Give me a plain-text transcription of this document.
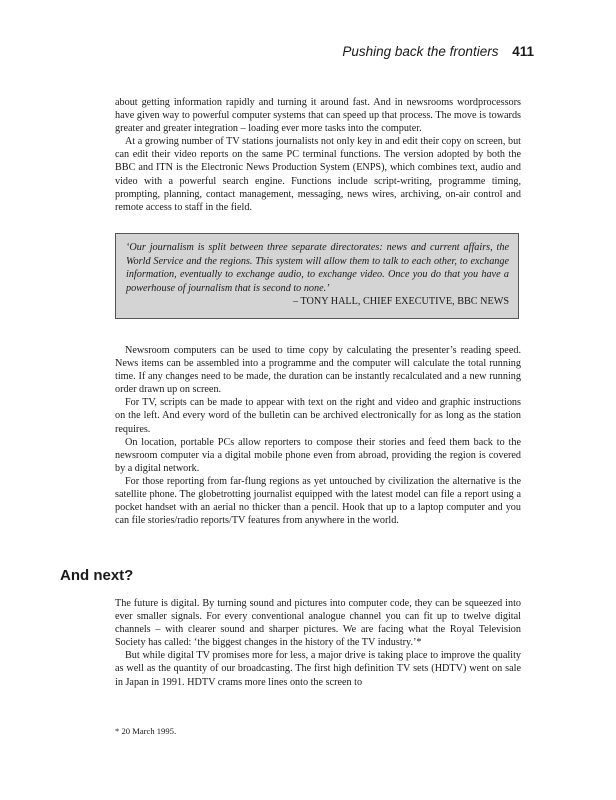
Pushing back the frontiers 411

about getting information rapidly and turning it around fast. And in newsrooms wordprocessors have given way to powerful computer systems that can speed up that process. The move is towards greater and greater integration – loading ever more tasks into the computer.

At a growing number of TV stations journalists not only key in and edit their copy on screen, but can edit their video reports on the same PC terminal functions. The version adopted by both the BBC and ITN is the Electronic News Production System (ENPS), which combines text, audio and video with a powerful search engine. Functions include script-writing, programme timing, prompting, planning, contact management, messaging, news wires, archiving, on-air control and remote access to staff in the field.

‘Our journalism is split between three separate directorates: news and current affairs, the World Service and the regions. This system will allow them to talk to each other, to exchange information, eventually to exchange audio, to exchange video. Once you do that you have a powerhouse of journalism that is second to none.’
– TONY HALL, CHIEF EXECUTIVE, BBC NEWS

Newsroom computers can be used to time copy by calculating the presenter’s reading speed. News items can be assembled into a programme and the computer will calculate the total running time. If any changes need to be made, the duration can be instantly recalculated and a new running order drawn up on screen.

For TV, scripts can be made to appear with text on the right and video and graphic instructions on the left. And every word of the bulletin can be archived electronically for as long as the station requires.

On location, portable PCs allow reporters to compose their stories and feed them back to the newsroom computer via a digital mobile phone even from abroad, providing the region is covered by a digital network.

For those reporting from far-flung regions as yet untouched by civilization the alternative is the satellite phone. The globetrotting journalist equipped with the latest model can file a report using a pocket handset with an aerial no thicker than a pencil. Hook that up to a laptop computer and you can file stories/radio reports/TV features from anywhere in the world.

And next?

The future is digital. By turning sound and pictures into computer code, they can be squeezed into ever smaller signals. For every conventional analogue channel you can fit up to twelve digital channels – with clearer sound and sharper pictures. We are facing what the Royal Television Society has called: ‘the biggest changes in the history of the TV industry.’*

But while digital TV promises more for less, a major drive is taking place to improve the quality as well as the quantity of our broadcasting. The first high definition TV sets (HDTV) went on sale in Japan in 1991. HDTV crams more lines onto the screen to

* 20 March 1995.
